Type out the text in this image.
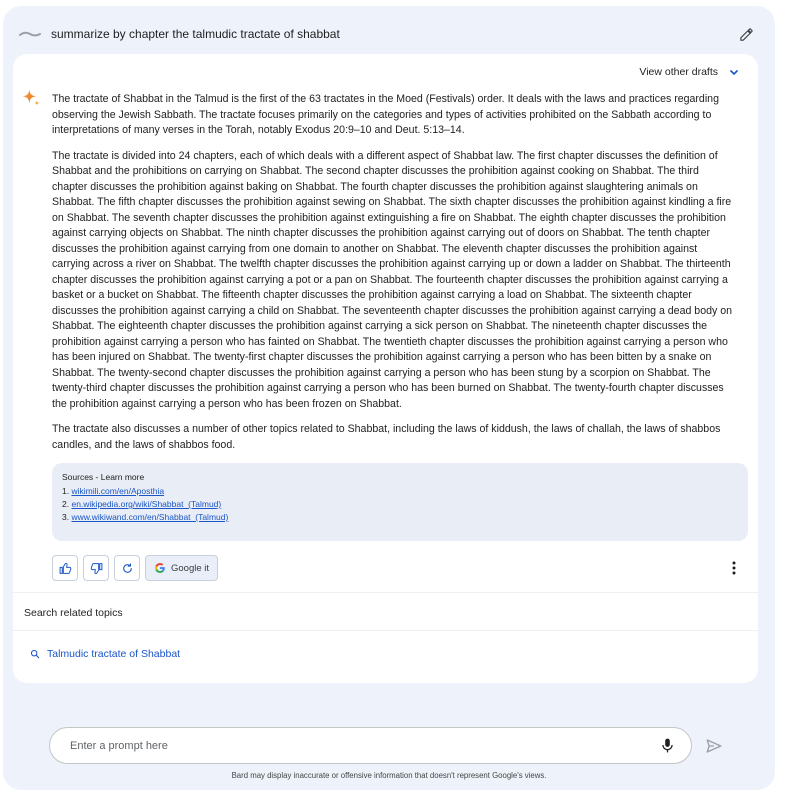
summarize by chapter the talmudic tractate of shabbat
View other drafts

The tractate of Shabbat in the Talmud is the first of the 63 tractates in the Moed (Festivals) order. It deals with the laws and practices regarding observing the Jewish Sabbath. The tractate focuses primarily on the categories and types of activities prohibited on the Sabbath according to interpretations of many verses in the Torah, notably Exodus 20:9–10 and Deut. 5:13–14.

The tractate is divided into 24 chapters, each of which deals with a different aspect of Shabbat law. The first chapter discusses the definition of Shabbat and the prohibitions on carrying on Shabbat. The second chapter discusses the prohibition against cooking on Shabbat. The third chapter discusses the prohibition against baking on Shabbat. The fourth chapter discusses the prohibition against slaughtering animals on Shabbat. The fifth chapter discusses the prohibition against sewing on Shabbat. The sixth chapter discusses the prohibition against kindling a fire on Shabbat. The seventh chapter discusses the prohibition against extinguishing a fire on Shabbat. The eighth chapter discusses the prohibition against carrying objects on Shabbat. The ninth chapter discusses the prohibition against carrying out of doors on Shabbat. The tenth chapter discusses the prohibition against carrying from one domain to another on Shabbat. The eleventh chapter discusses the prohibition against carrying across a river on Shabbat. The twelfth chapter discusses the prohibition against carrying up or down a ladder on Shabbat. The thirteenth chapter discusses the prohibition against carrying a pot or a pan on Shabbat. The fourteenth chapter discusses the prohibition against carrying a basket or a bucket on Shabbat. The fifteenth chapter discusses the prohibition against carrying a load on Shabbat. The sixteenth chapter discusses the prohibition against carrying a child on Shabbat. The seventeenth chapter discusses the prohibition against carrying a dead body on Shabbat. The eighteenth chapter discusses the prohibition against carrying a sick person on Shabbat. The nineteenth chapter discusses the prohibition against carrying a person who has fainted on Shabbat. The twentieth chapter discusses the prohibition against carrying a person who has been injured on Shabbat. The twenty-first chapter discusses the prohibition against carrying a person who has been bitten by a snake on Shabbat. The twenty-second chapter discusses the prohibition against carrying a person who has been stung by a scorpion on Shabbat. The twenty-third chapter discusses the prohibition against carrying a person who has been burned on Shabbat. The twenty-fourth chapter discusses the prohibition against carrying a person who has been frozen on Shabbat.

The tractate also discusses a number of other topics related to Shabbat, including the laws of kiddush, the laws of challah, the laws of shabbos candles, and the laws of shabbos food.

Sources - Learn more
1. wikimili.com/en/Aposthia
2. en.wikipedia.org/wiki/Shabbat_(Talmud)
3. www.wikiwand.com/en/Shabbat_(Talmud)
Google it
Search related topics
Talmudic tractate of Shabbat
Enter a prompt here
Bard may display inaccurate or offensive information that doesn't represent Google's views.
